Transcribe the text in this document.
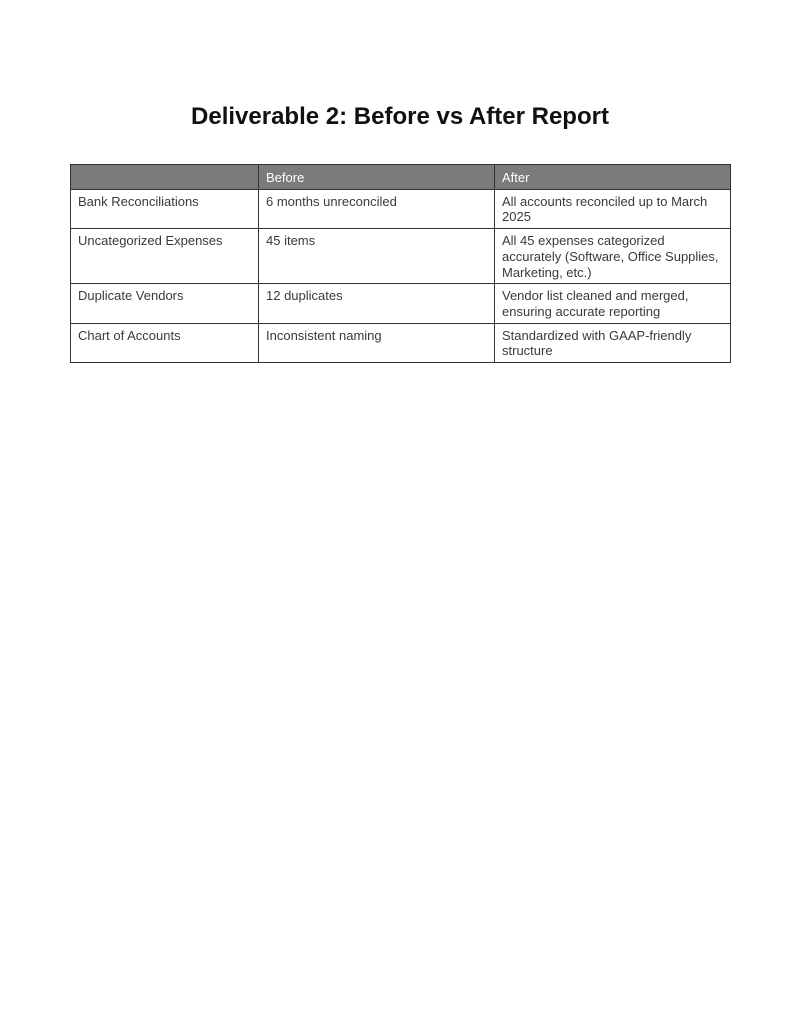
Deliverable 2: Before vs After Report
	Before	After
Bank Reconciliations	6 months unreconciled	All accounts reconciled up to March 2025
Uncategorized Expenses	45 items	All 45 expenses categorized accurately (Software, Office Supplies, Marketing, etc.)
Duplicate Vendors	12 duplicates	Vendor list cleaned and merged, ensuring accurate reporting
Chart of Accounts	Inconsistent naming	Standardized with GAAP-friendly structure
